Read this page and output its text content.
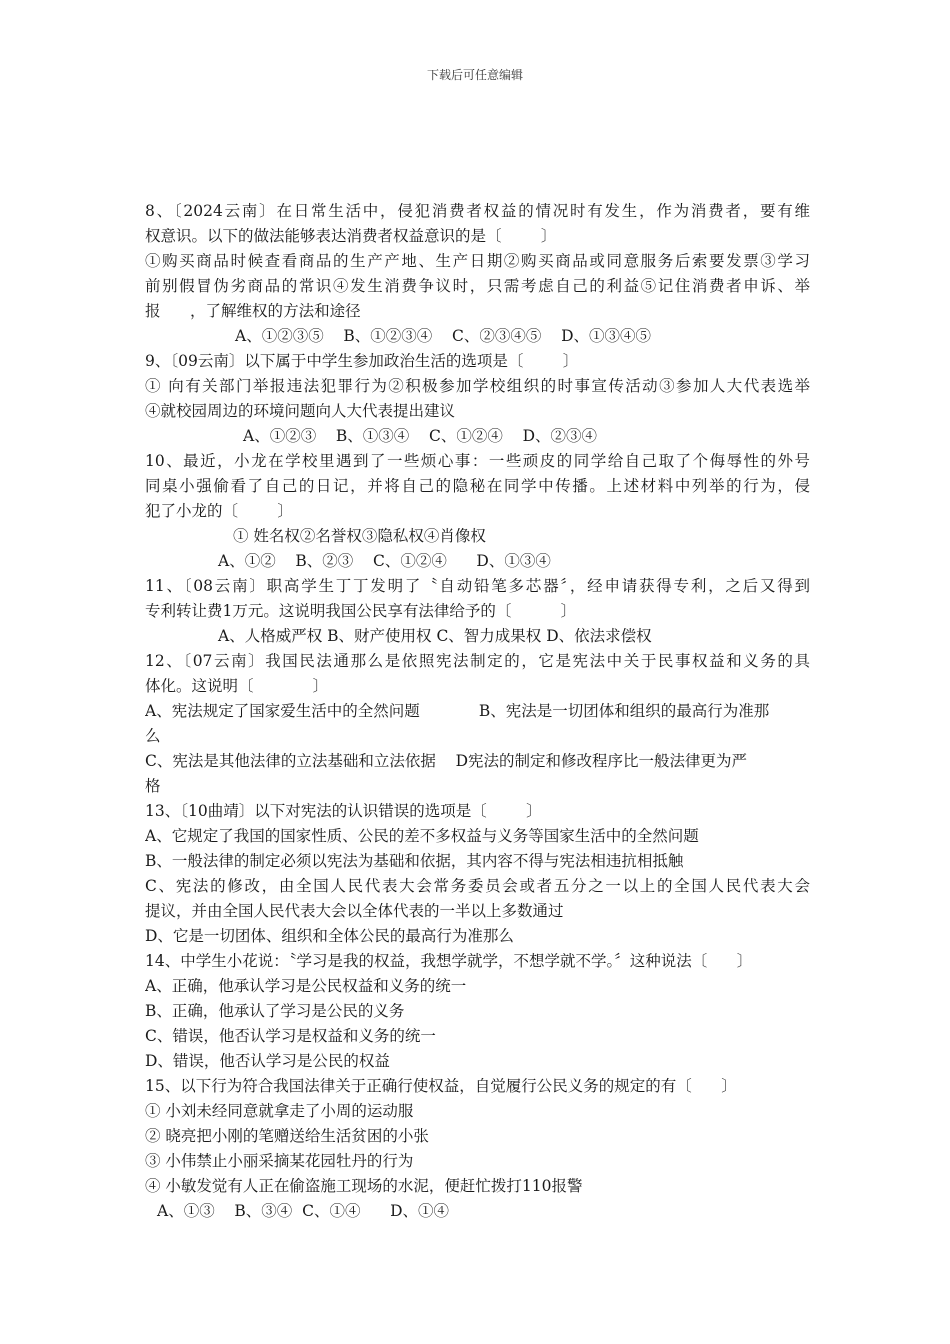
下载后可任意编辑
8、〔2024云南〕在日常生活中，侵犯消费者权益的情况时有发生，作为消费者，要有维
权意识。以下的做法能够表达消费者权益意识的是〔        〕
①购买商品时候查看商品的生产产地、生产日期②购买商品或同意服务后索要发票③学习
前别假冒伪劣商品的常识④发生消费争议时，只需考虑自己的利益⑤记住消费者申诉、举
报      ，了解维权的方法和途径
A、①②③⑤    B、①②③④    C、②③④⑤    D、①③④⑤
9、〔09云南〕以下属于中学生参加政治生活的选项是〔        〕
① 向有关部门举报违法犯罪行为②积极参加学校组织的时事宣传活动③参加人大代表选举
④就校园周边的环境问题向人大代表提出建议
A、①②③    B、①③④    C、①②④    D、②③④
10、最近，小龙在学校里遇到了一些烦心事：一些顽皮的同学给自己取了个侮辱性的外号
同桌小强偷看了自己的日记，并将自己的隐秘在同学中传播。上述材料中列举的行为，侵
犯了小龙的〔        〕
① 姓名权②名誉权③隐私权④肖像权
A、①②    B、②③    C、①②④      D、①③④
11、〔08云南〕职高学生丁丁发明了〝自动铅笔多芯器〞，经申请获得专利，之后又得到
专利转让费1万元。这说明我国公民享有法律给予的〔          〕
A、人格威严权 B、财产使用权 C、智力成果权 D、依法求偿权
12、〔07云南〕我国民法通那么是依照宪法制定的，它是宪法中关于民事权益和义务的具
体化。这说明〔            〕
A、宪法规定了国家爱生活中的全然问题            B、宪法是一切团体和组织的最高行为准那
么
C、宪法是其他法律的立法基础和立法依据    D宪法的制定和修改程序比一般法律更为严
格
13、〔10曲靖〕以下对宪法的认识错误的选项是〔        〕
A、它规定了我国的国家性质、公民的差不多权益与义务等国家生活中的全然问题
B、一般法律的制定必须以宪法为基础和依据，其内容不得与宪法相违抗相抵触
C、宪法的修改，由全国人民代表大会常务委员会或者五分之一以上的全国人民代表大会
提议，并由全国人民代表大会以全体代表的一半以上多数通过
D、它是一切团体、组织和全体公民的最高行为准那么
14、中学生小花说：〝学习是我的权益，我想学就学，不想学就不学。〞这种说法〔      〕
A、正确，他承认学习是公民权益和义务的统一
B、正确，他承认了学习是公民的义务
C、错误，他否认学习是权益和义务的统一
D、错误，他否认学习是公民的权益
15、以下行为符合我国法律关于正确行使权益，自觉履行公民义务的规定的有〔      〕
① 小刘未经同意就拿走了小周的运动服
② 晓亮把小刚的笔赠送给生活贫困的小张
③ 小伟禁止小丽采摘某花园牡丹的行为
④ 小敏发觉有人正在偷盗施工现场的水泥，便赶忙拨打110报警
A、①③    B、③④  C、①④      D、①④
